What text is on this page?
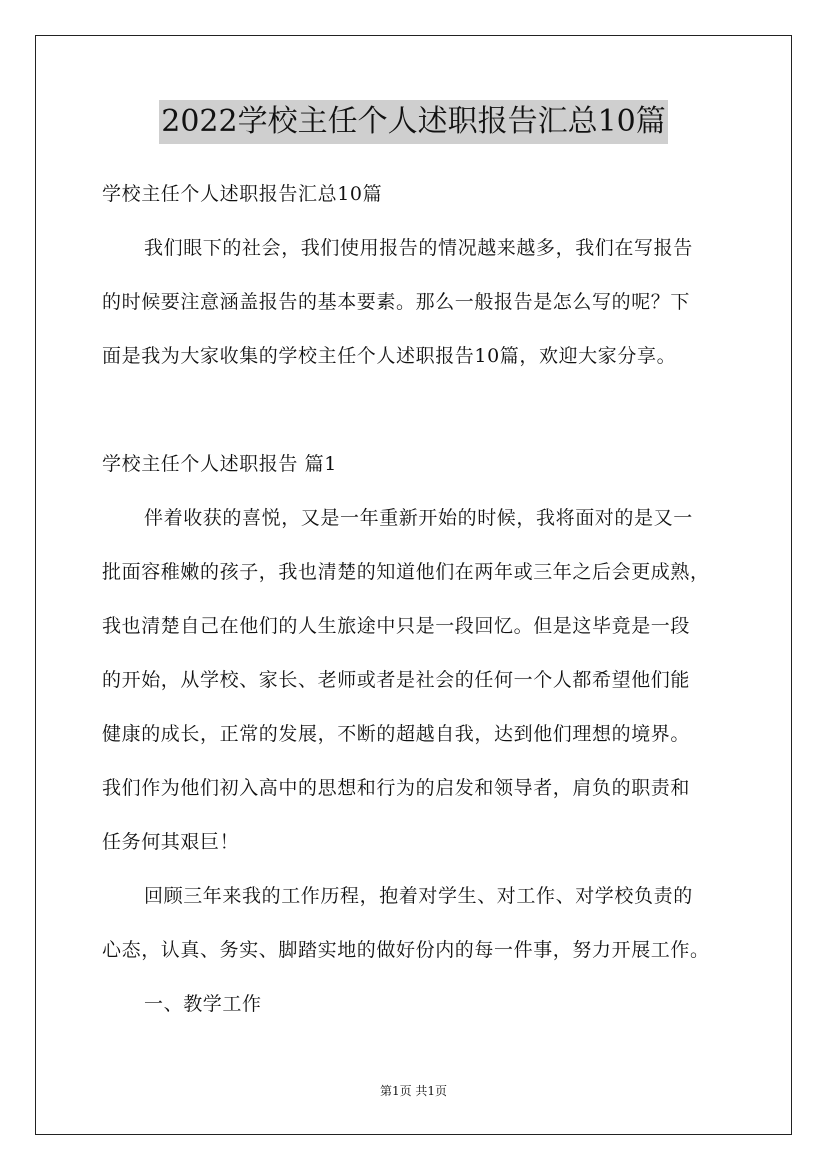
2022学校主任个人述职报告汇总10篇
学校主任个人述职报告汇总10篇
我们眼下的社会，我们使用报告的情况越来越多，我们在写报告
的时候要注意涵盖报告的基本要素。那么一般报告是怎么写的呢？下
面是我为大家收集的学校主任个人述职报告10篇，欢迎大家分享。
学校主任个人述职报告 篇1
伴着收获的喜悦，又是一年重新开始的时候，我将面对的是又一
批面容稚嫩的孩子，我也清楚的知道他们在两年或三年之后会更成熟，
我也清楚自己在他们的人生旅途中只是一段回忆。但是这毕竟是一段
的开始，从学校、家长、老师或者是社会的任何一个人都希望他们能
健康的成长，正常的发展，不断的超越自我，达到他们理想的境界。
我们作为他们初入高中的思想和行为的启发和领导者，肩负的职责和
任务何其艰巨！
回顾三年来我的工作历程，抱着对学生、对工作、对学校负责的
心态，认真、务实、脚踏实地的做好份内的每一件事，努力开展工作。
一、教学工作
第1页 共1页
